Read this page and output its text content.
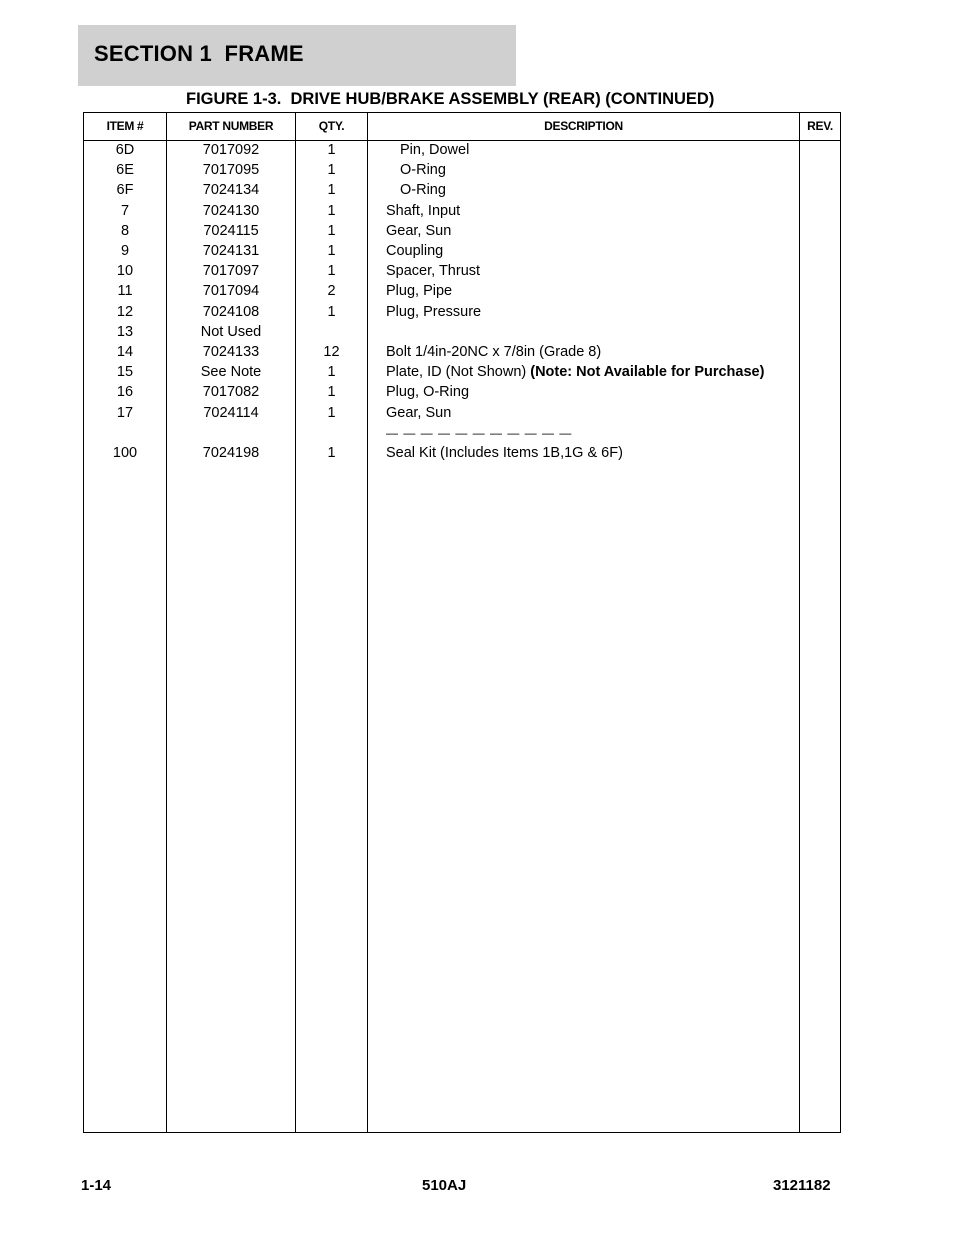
SECTION 1  FRAME
FIGURE 1-3.  DRIVE HUB/BRAKE ASSEMBLY (REAR) (CONTINUED)
ITEM #	PART NUMBER	QTY.	DESCRIPTION	REV.
6D	7017092	1	Pin, Dowel
6E	7017095	1	O-Ring
6F	7024134	1	O-Ring
7	7024130	1	Shaft, Input
8	7024115	1	Gear, Sun
9	7024131	1	Coupling
10	7017097	1	Spacer, Thrust
11	7017094	2	Plug, Pipe
12	7024108	1	Plug, Pressure
13	Not Used
14	7024133	12	Bolt 1/4in-20NC x 7/8in (Grade 8)
15	See Note	1	Plate, ID (Not Shown) (Note: Not Available for Purchase)
16	7017082	1	Plug, O-Ring
17	7024114	1	Gear, Sun
— — — — — — — — — — —
100	7024198	1	Seal Kit (Includes Items 1B,1G & 6F)
1-14	510AJ	3121182
